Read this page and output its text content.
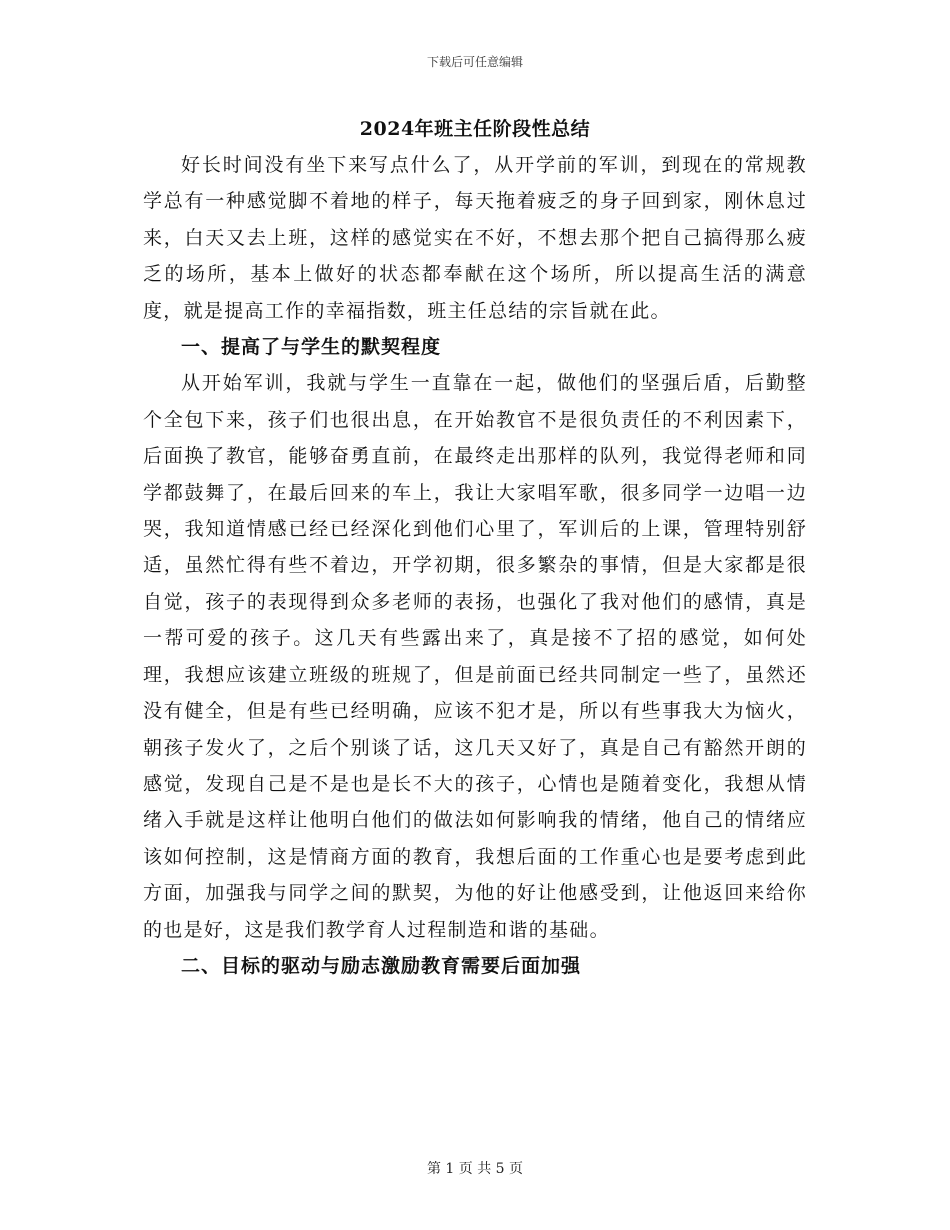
下载后可任意编辑
2024年班主任阶段性总结

好长时间没有坐下来写点什么了，从开学前的军训，到现在的常规教学总有一种感觉脚不着地的样子，每天拖着疲乏的身子回到家，刚休息过来，白天又去上班，这样的感觉实在不好，不想去那个把自己搞得那么疲乏的场所，基本上做好的状态都奉献在这个场所，所以提高生活的满意度，就是提高工作的幸福指数，班主任总结的宗旨就在此。

一、提高了与学生的默契程度

从开始军训，我就与学生一直靠在一起，做他们的坚强后盾，后勤整个全包下来，孩子们也很出息，在开始教官不是很负责任的不利因素下，后面换了教官，能够奋勇直前，在最终走出那样的队列，我觉得老师和同学都鼓舞了，在最后回来的车上，我让大家唱军歌，很多同学一边唱一边哭，我知道情感已经已经深化到他们心里了，军训后的上课，管理特别舒适，虽然忙得有些不着边，开学初期，很多繁杂的事情，但是大家都是很自觉，孩子的表现得到众多老师的表扬，也强化了我对他们的感情，真是一帮可爱的孩子。这几天有些露出来了，真是接不了招的感觉，如何处理，我想应该建立班级的班规了，但是前面已经共同制定一些了，虽然还没有健全，但是有些已经明确，应该不犯才是，所以有些事我大为恼火，朝孩子发火了，之后个别谈了话，这几天又好了，真是自己有豁然开朗的感觉，发现自己是不是也是长不大的孩子，心情也是随着变化，我想从情绪入手就是这样让他明白他们的做法如何影响我的情绪，他自己的情绪应该如何控制，这是情商方面的教育，我想后面的工作重心也是要考虑到此方面，加强我与同学之间的默契，为他的好让他感受到，让他返回来给你的也是好，这是我们教学育人过程制造和谐的基础。

二、目标的驱动与励志激励教育需要后面加强

第 1 页 共 5 页
